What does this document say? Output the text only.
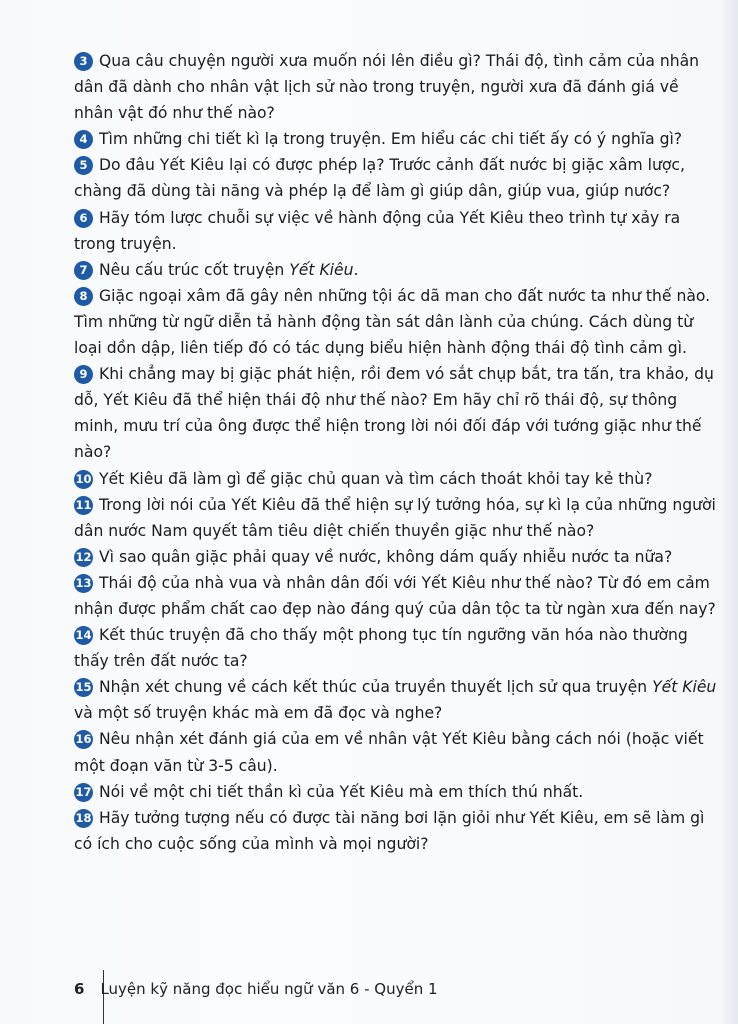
3 Qua câu chuyện người xưa muốn nói lên điều gì? Thái độ, tình cảm của nhân dân đã dành cho nhân vật lịch sử nào trong truyện, người xưa đã đánh giá về nhân vật đó như thế nào?

4 Tìm những chi tiết kì lạ trong truyện. Em hiểu các chi tiết ấy có ý nghĩa gì?

5 Do đâu Yết Kiêu lại có được phép lạ? Trước cảnh đất nước bị giặc xâm lược, chàng đã dùng tài năng và phép lạ để làm gì giúp dân, giúp vua, giúp nước?

6 Hãy tóm lược chuỗi sự việc về hành động của Yết Kiêu theo trình tự xảy ra trong truyện.

7 Nêu cấu trúc cốt truyện Yết Kiêu.

8 Giặc ngoại xâm đã gây nên những tội ác dã man cho đất nước ta như thế nào. Tìm những từ ngữ diễn tả hành động tàn sát dân lành của chúng. Cách dùng từ loại dồn dập, liên tiếp đó có tác dụng biểu hiện hành động thái độ tình cảm gì.

9 Khi chẳng may bị giặc phát hiện, rồi đem vó sắt chụp bắt, tra tấn, tra khảo, dụ dỗ, Yết Kiêu đã thể hiện thái độ như thế nào? Em hãy chỉ rõ thái độ, sự thông minh, mưu trí của ông được thể hiện trong lời nói đối đáp với tướng giặc như thế nào?

10 Yết Kiêu đã làm gì để giặc chủ quan và tìm cách thoát khỏi tay kẻ thù?

11 Trong lời nói của Yết Kiêu đã thể hiện sự lý tưởng hóa, sự kì lạ của những người dân nước Nam quyết tâm tiêu diệt chiến thuyền giặc như thế nào?

12 Vì sao quân giặc phải quay về nước, không dám quấy nhiễu nước ta nữa?

13 Thái độ của nhà vua và nhân dân đối với Yết Kiêu như thế nào? Từ đó em cảm nhận được phẩm chất cao đẹp nào đáng quý của dân tộc ta từ ngàn xưa đến nay?

14 Kết thúc truyện đã cho thấy một phong tục tín ngưỡng văn hóa nào thường thấy trên đất nước ta?

15 Nhận xét chung về cách kết thúc của truyền thuyết lịch sử qua truyện Yết Kiêu và một số truyện khác mà em đã đọc và nghe?

16 Nêu nhận xét đánh giá của em về nhân vật Yết Kiêu bằng cách nói (hoặc viết một đoạn văn từ 3-5 câu).

17 Nói về một chi tiết thần kì của Yết Kiêu mà em thích thú nhất.

18 Hãy tưởng tượng nếu có được tài năng bơi lặn giỏi như Yết Kiêu, em sẽ làm gì có ích cho cuộc sống của mình và mọi người?

6 Luyện kỹ năng đọc hiểu ngữ văn 6 - Quyển 1
